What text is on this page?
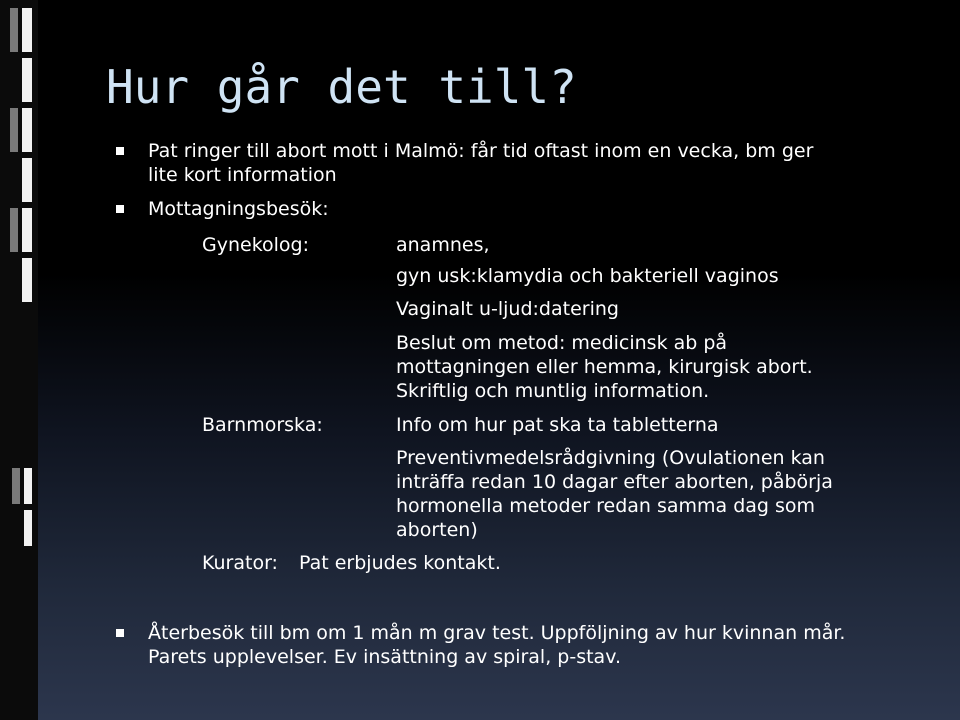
Hur går det till?
Pat ringer till abort mott i Malmö: får tid oftast inom en vecka, bm ger
lite kort information
Mottagningsbesök:
Gynekolog:	anamnes,
gyn usk:klamydia och bakteriell vaginos
Vaginalt u-ljud:datering
Beslut om metod: medicinsk ab på
mottagningen eller hemma, kirurgisk abort.
Skriftlig och muntlig information.
Barnmorska:	Info om hur pat ska ta tabletterna
Preventivmedelsrådgivning (Ovulationen kan
inträffa redan 10 dagar efter aborten, påbörja
hormonella metoder redan samma dag som
aborten)
Kurator: Pat erbjudes kontakt.
Återbesök till bm om 1 mån m grav test. Uppföljning av hur kvinnan mår.
Parets upplevelser. Ev insättning av spiral, p-stav.
